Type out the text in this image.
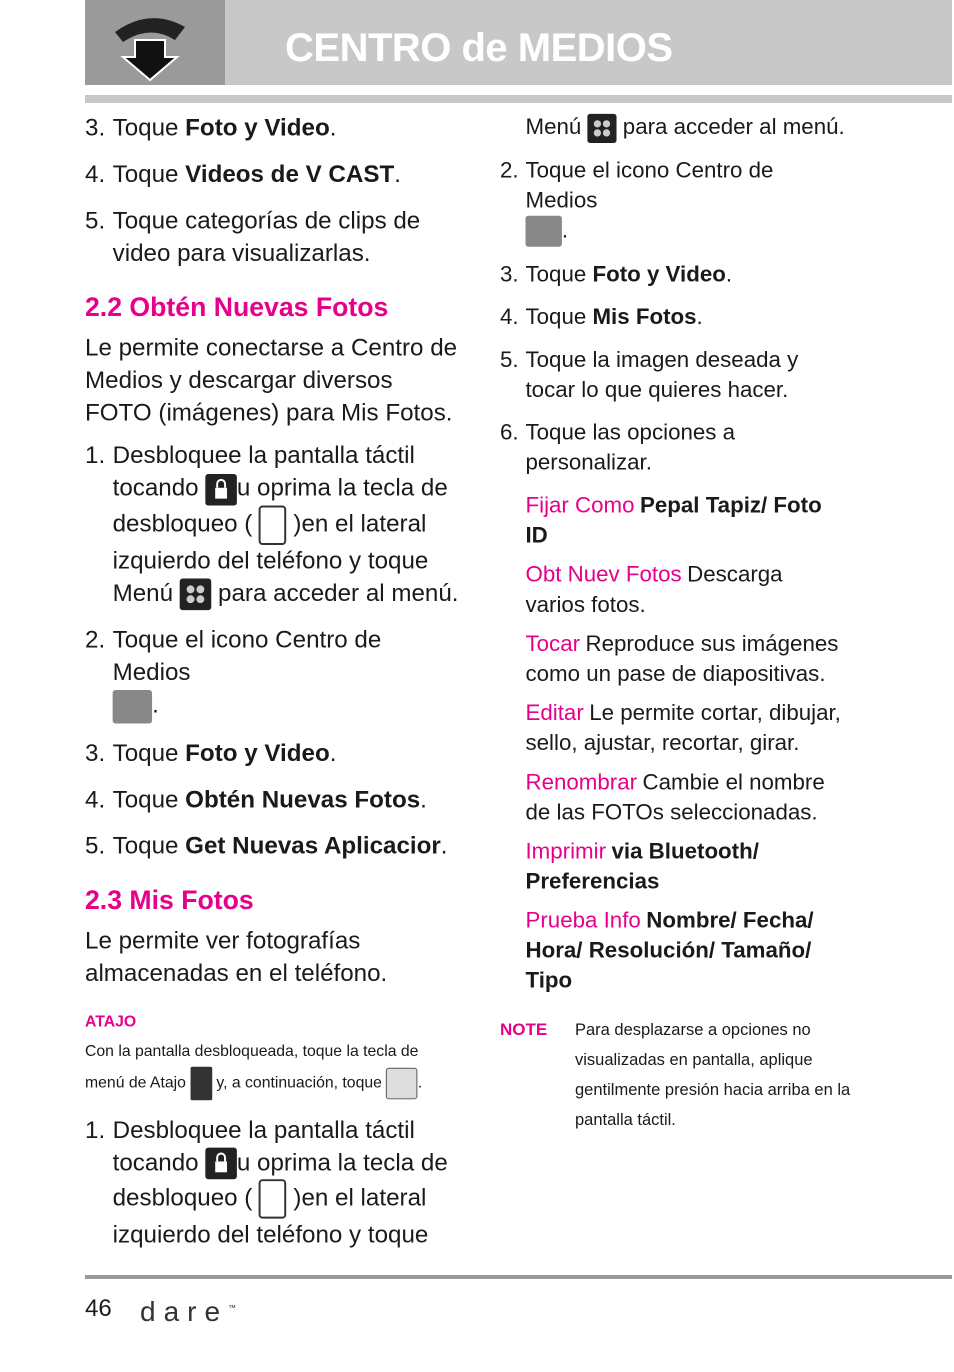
CENTRO de MEDIOS
3. Toque Foto y Video.
4. Toque Videos de V CAST.
5. Toque categorías de clips de video para visualizarlas.
2.2 Obtén Nuevas Fotos
Le permite conectarse a Centro de Medios y descargar diversos FOTO (imágenes) para Mis Fotos.
1. Desbloquee la pantalla táctil tocando
u oprima la tecla de desbloqueo (  )en el lateral izquierdo del teléfono y toque Menú
para acceder al menú.
2. Toque el icono Centro de Medios
.
3. Toque Foto y Video.
4. Toque Obtén Nuevas Fotos.
5. Toque Get Nuevas Aplicacior.
2.3 Mis Fotos
Le permite ver fotografías almacenadas en el teléfono.
ATAJO
Con la pantalla desbloqueada, toque la tecla de menú de Atajo  y, a continuación, toque .
1. Desbloquee la pantalla táctil tocando
u oprima la tecla de desbloqueo (  )en el lateral izquierdo del teléfono y toque
Menú
para acceder al menú.
2. Toque el icono Centro de Medios
.
3. Toque Foto y Video.
4. Toque Mis Fotos.
5. Toque la imagen deseada y tocar lo que quieres hacer.
6. Toque las opciones a personalizar.
Fijar Como Pepal Tapiz/ Foto ID
Obt Nuev Fotos Descarga varios fotos.
Tocar Reproduce sus imágenes como un pase de diapositivas.
Editar Le permite cortar, dibujar, sello, ajustar, recortar, girar.
Renombrar Cambie el nombre de las FOTOs seleccionadas.
Imprimir via Bluetooth/ Preferencias
Prueba Info Nombre/ Fecha/ Hora/ Resolución/ Tamaño/ Tipo
NOTE Para desplazarse a opciones no visualizadas en pantalla, aplique gentilmente presión hacia arriba en la pantalla táctil.
46 dare™
